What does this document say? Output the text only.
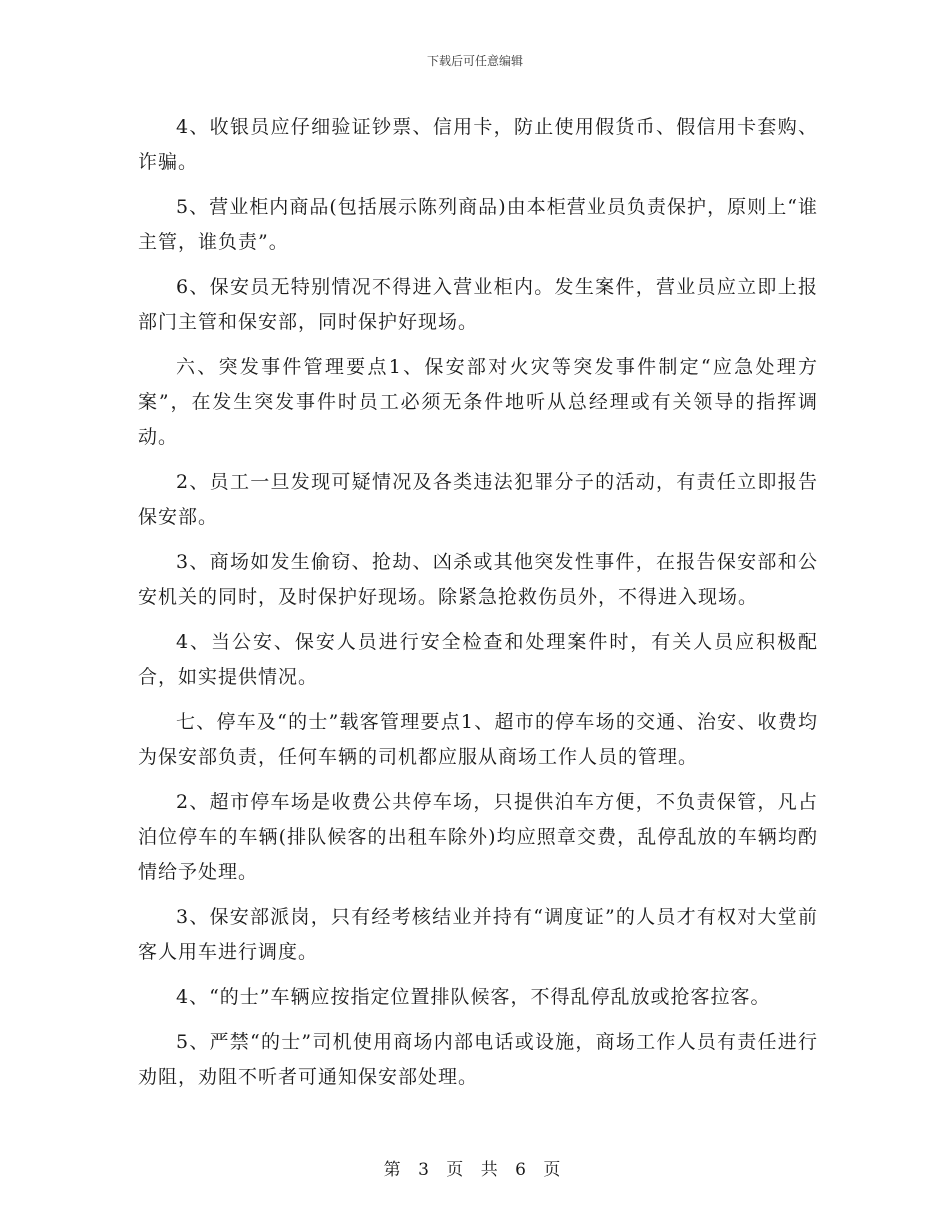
下载后可任意编辑

4、收银员应仔细验证钞票、信用卡，防止使用假货币、假信用卡套购、诈骗。

5、营业柜内商品(包括展示陈列商品)由本柜营业员负责保护，原则上“谁主管，谁负责”。

6、保安员无特别情况不得进入营业柜内。发生案件，营业员应立即上报部门主管和保安部，同时保护好现场。

六、突发事件管理要点1、保安部对火灾等突发事件制定“应急处理方案”，在发生突发事件时员工必须无条件地听从总经理或有关领导的指挥调动。

2、员工一旦发现可疑情况及各类违法犯罪分子的活动，有责任立即报告保安部。

3、商场如发生偷窃、抢劫、凶杀或其他突发性事件，在报告保安部和公安机关的同时，及时保护好现场。除紧急抢救伤员外，不得进入现场。

4、当公安、保安人员进行安全检查和处理案件时，有关人员应积极配合，如实提供情况。

七、停车及“的士”载客管理要点1、超市的停车场的交通、治安、收费均为保安部负责，任何车辆的司机都应服从商场工作人员的管理。

2、超市停车场是收费公共停车场，只提供泊车方便，不负责保管，凡占泊位停车的车辆(排队候客的出租车除外)均应照章交费，乱停乱放的车辆均酌情给予处理。

3、保安部派岗，只有经考核结业并持有“调度证”的人员才有权对大堂前客人用车进行调度。

4、“的士”车辆应按指定位置排队候客，不得乱停乱放或抢客拉客。

5、严禁“的士”司机使用商场内部电话或设施，商场工作人员有责任进行劝阻，劝阻不听者可通知保安部处理。

第 3 页 共 6 页
